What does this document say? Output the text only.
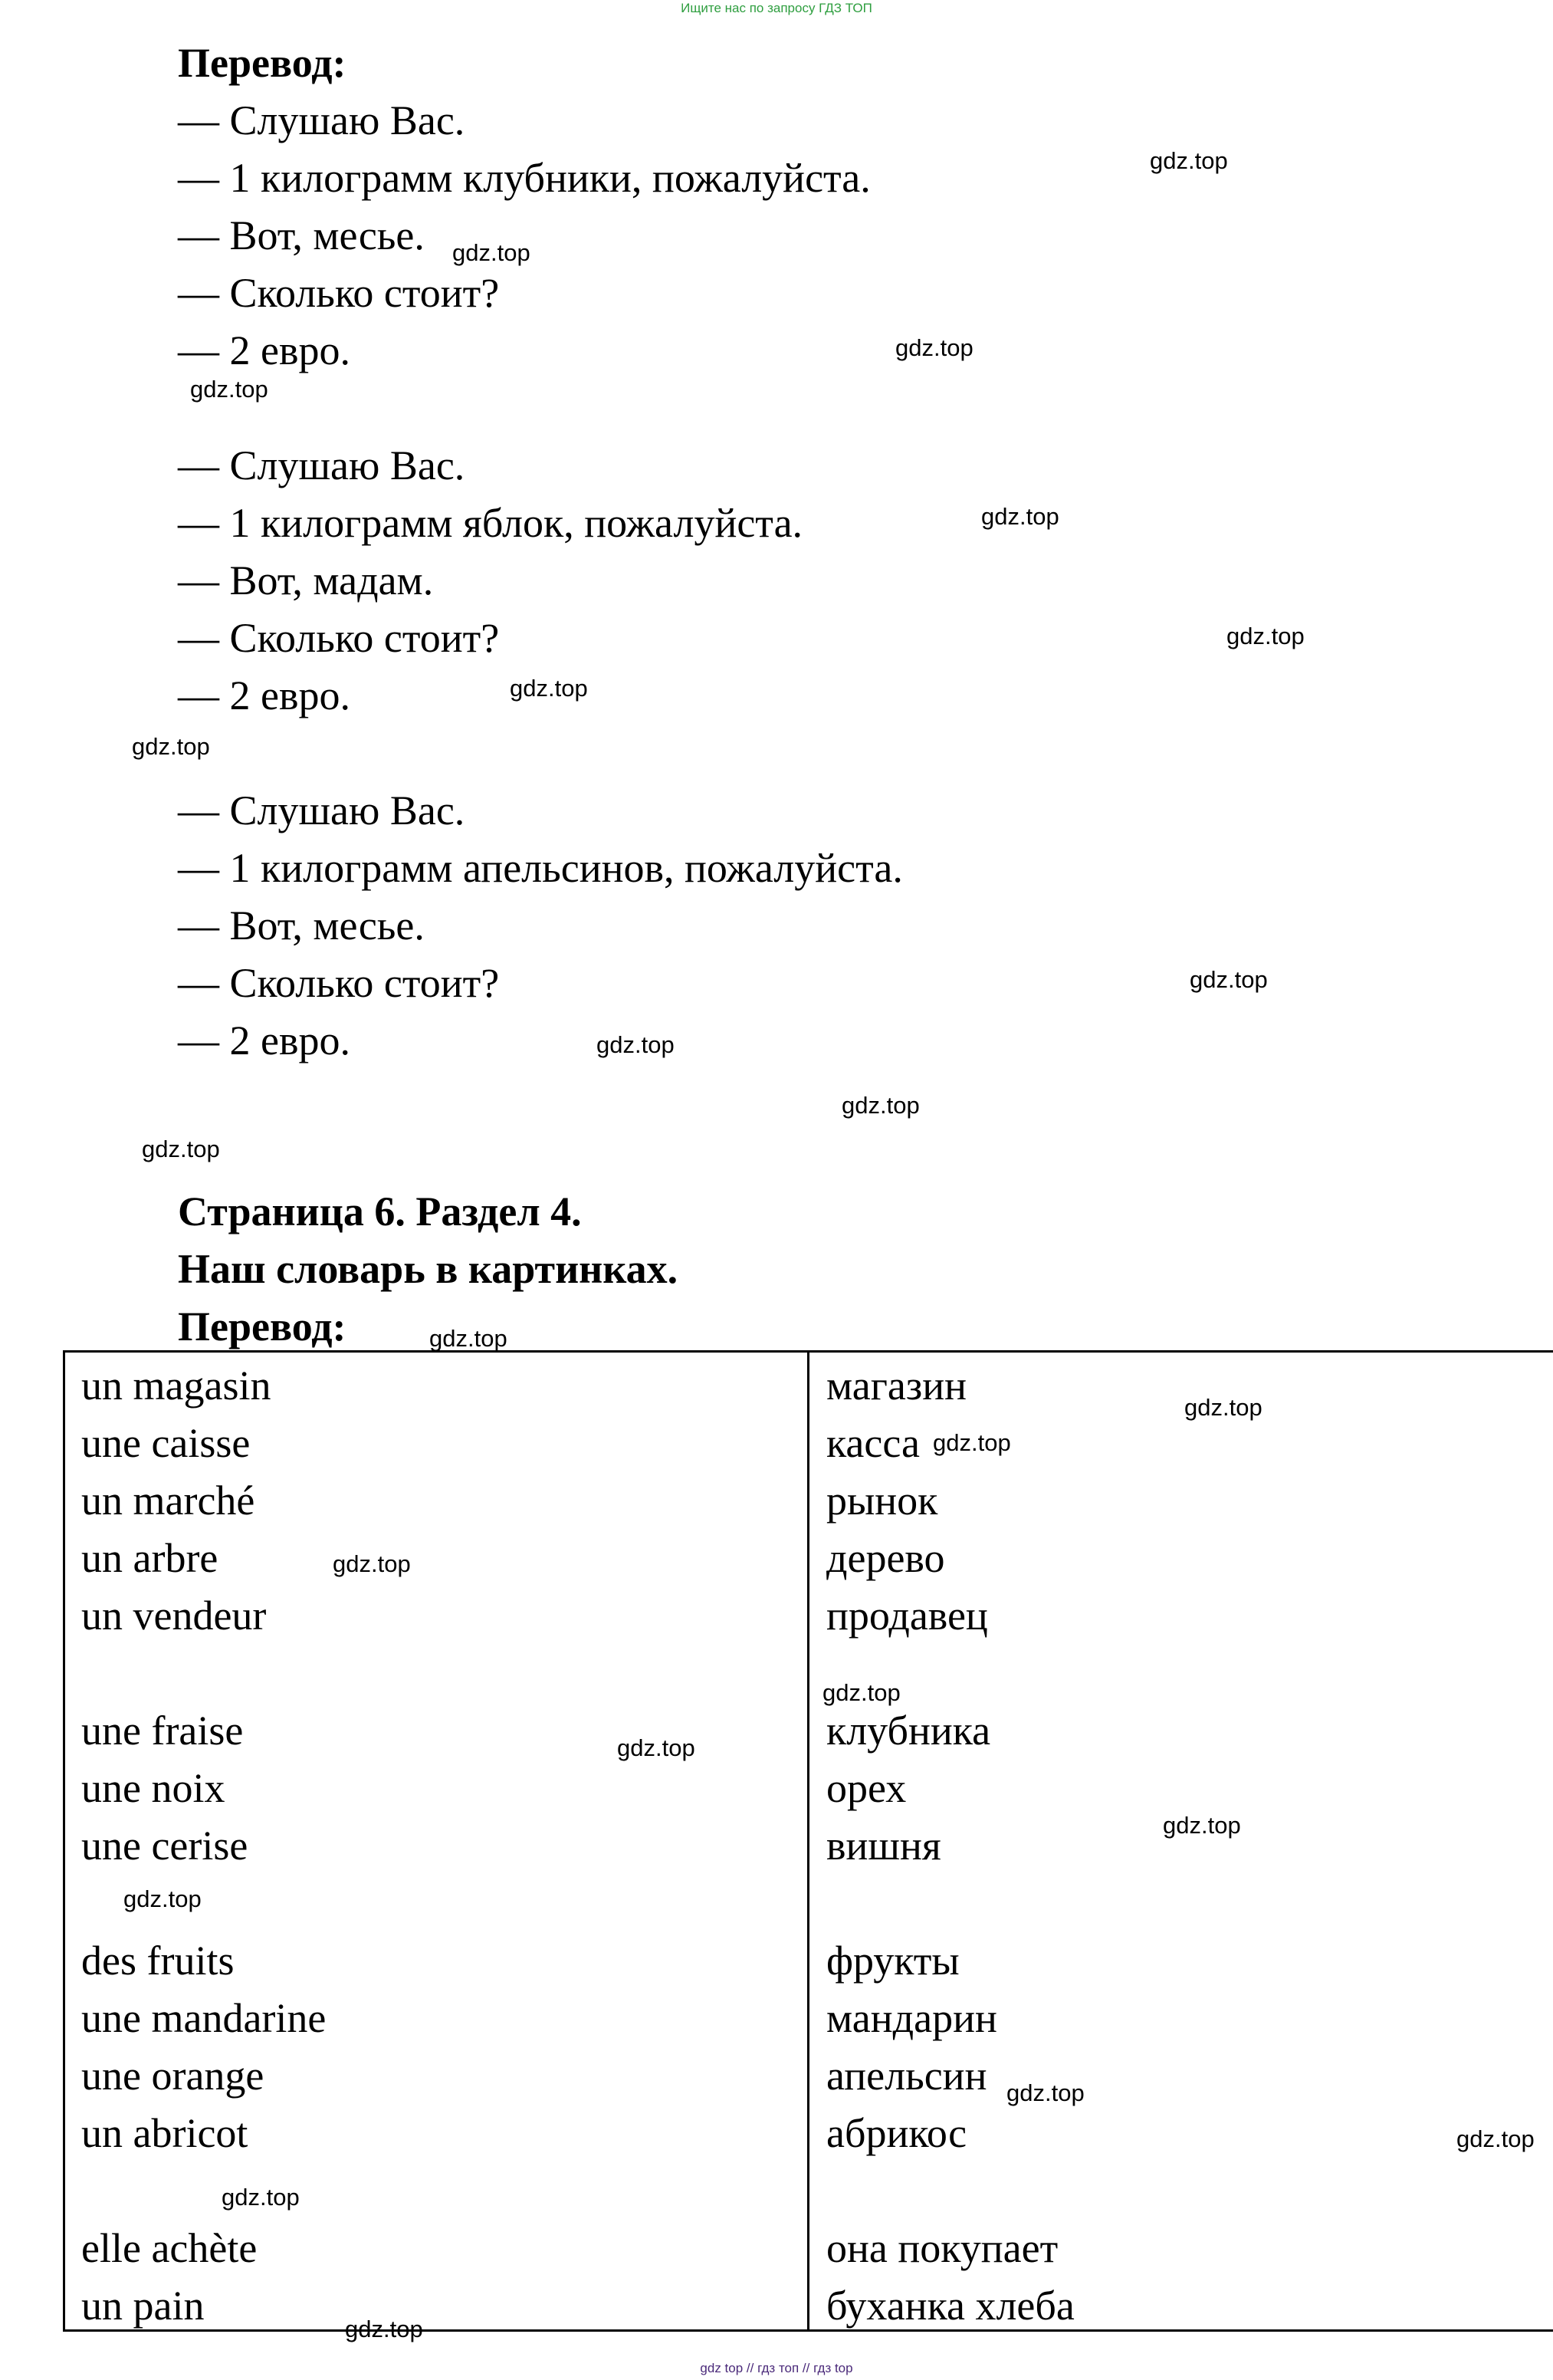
Ищите нас по запросу ГДЗ ТОП
Перевод:
— Слушаю Вас.
— 1 килограмм клубники, пожалуйста.
— Вот, месье.
— Сколько стоит?
— 2 евро.
— Слушаю Вас.
— 1 килограмм яблок, пожалуйста.
— Вот, мадам.
— Сколько стоит?
— 2 евро.
— Слушаю Вас.
— 1 килограмм апельсинов, пожалуйста.
— Вот, месье.
— Сколько стоит?
— 2 евро.
Страница 6. Раздел 4.
Наш словарь в картинках.
Перевод:
un magasin
une caisse
un marché
un arbre
un vendeur
une fraise
une noix
une cerise
des fruits
une mandarine
une orange
un abricot
elle achète
un pain
магазин
касса
рынок
дерево
продавец
клубника
орех
вишня
фрукты
мандарин
апельсин
абрикос
она покупает
буханка хлеба
gdz.top
gdz.top
gdz.top
gdz.top
gdz.top
gdz.top
gdz.top
gdz.top
gdz.top
gdz.top
gdz.top
gdz.top
gdz.top
gdz.top
gdz.top
gdz.top
gdz.top
gdz.top
gdz.top
gdz.top
gdz.top
gdz.top
gdz.top
gdz.top
gdz top // гдз топ // гдз top
